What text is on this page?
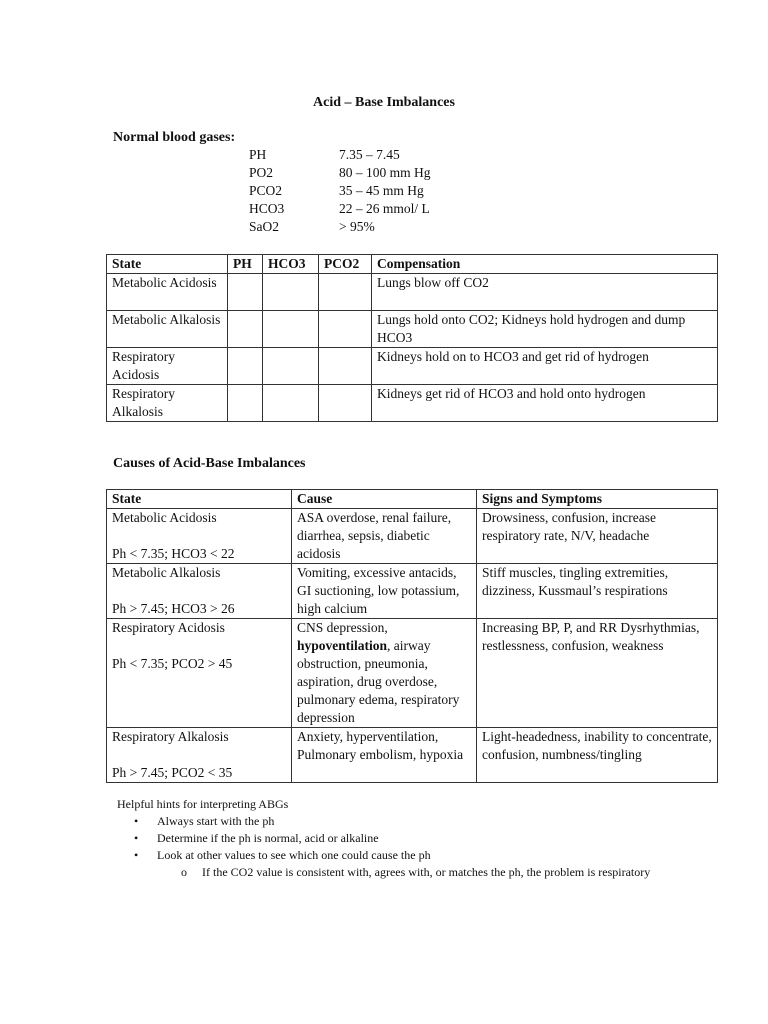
Acid – Base Imbalances
Normal blood gases:
PH	7.35 – 7.45
PO2	80 – 100 mm Hg
PCO2	35 – 45 mm Hg
HCO3	22 – 26 mmol/ L
SaO2	> 95%
State	PH	HCO3	PCO2	Compensation
Metabolic Acidosis				Lungs blow off CO2
Metabolic Alkalosis				Lungs hold onto CO2; Kidneys hold hydrogen and dump HCO3
Respiratory Acidosis				Kidneys hold on to HCO3 and get rid of hydrogen
Respiratory Alkalosis				Kidneys get rid of HCO3 and hold onto hydrogen
Causes of Acid-Base Imbalances
State	Cause	Signs and Symptoms

Metabolic Acidosis
Ph < 7.35; HCO3 < 22	ASA overdose, renal failure, diarrhea, sepsis, diabetic acidosis	Drowsiness, confusion, increase respiratory rate, N/V, headache

Metabolic Alkalosis
Ph > 7.45; HCO3 > 26	Vomiting, excessive antacids, GI suctioning, low potassium, high calcium	Stiff muscles, tingling extremities, dizziness, Kussmaul’s respirations

Respiratory Acidosis
Ph < 7.35; PCO2 > 45	CNS depression, hypoventilation, airway obstruction, pneumonia, aspiration, drug overdose, pulmonary edema, respiratory depression	Increasing BP, P, and RR Dysrhythmias, restlessness, confusion, weakness

Respiratory Alkalosis
Ph > 7.45; PCO2 < 35	Anxiety, hyperventilation, Pulmonary embolism, hypoxia	Light-headedness, inability to concentrate, confusion, numbness/tingling
Helpful hints for interpreting ABGs
• Always start with the ph
• Determine if the ph is normal, acid or alkaline
• Look at other values to see which one could cause the ph
o If the CO2 value is consistent with, agrees with, or matches the ph, the problem is respiratory
